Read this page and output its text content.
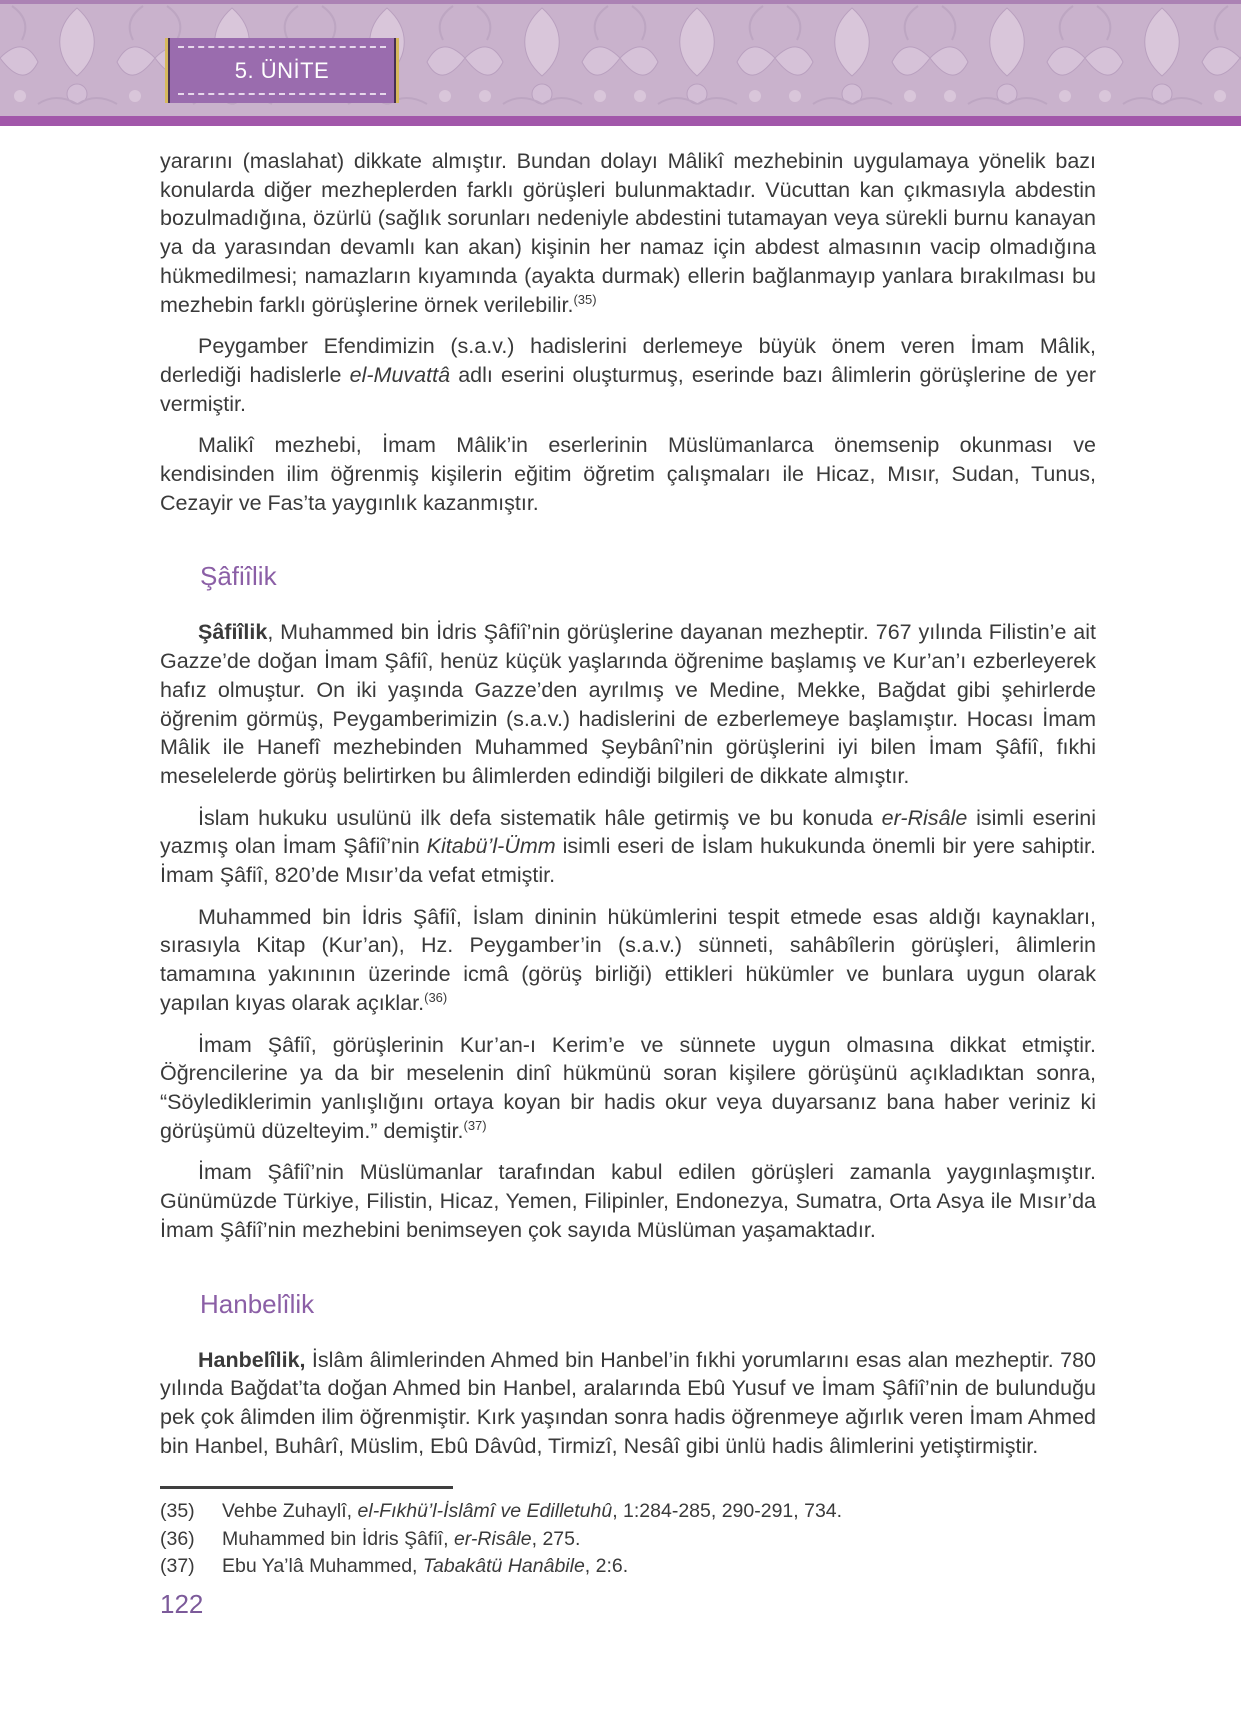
5. ÜNİTE

yararını (maslahat) dikkate almıştır. Bundan dolayı Mâlikî mezhebinin uygulamaya yönelik bazı konularda diğer mezheplerden farklı görüşleri bulunmaktadır. Vücuttan kan çıkmasıyla abdestin bozulmadığına, özürlü (sağlık sorunları nedeniyle abdestini tutamayan veya sürekli burnu kanayan ya da yarasından devamlı kan akan) kişinin her namaz için abdest almasının vacip olmadığına hükmedilmesi; namazların kıyamında (ayakta durmak) ellerin bağlanmayıp yanlara bırakılması bu mezhebin farklı görüşlerine örnek verilebilir.$^{(35)}$

Peygamber Efendimizin (s.a.v.) hadislerini derlemeye büyük önem veren İmam Mâlik, derlediği hadislerle el-Muvattâ adlı eserini oluşturmuş, eserinde bazı âlimlerin görüşlerine de yer vermiştir.

Malikî mezhebi, İmam Mâlik’in eserlerinin Müslümanlarca önemsenip okunması ve kendisinden ilim öğrenmiş kişilerin eğitim öğretim çalışmaları ile Hicaz, Mısır, Sudan, Tunus, Cezayir ve Fas’ta yaygınlık kazanmıştır.

Şâfiîlik

Şâfiîlik, Muhammed bin İdris Şâfiî’nin görüşlerine dayanan mezheptir. 767 yılında Filistin’e ait Gazze’de doğan İmam Şâfiî, henüz küçük yaşlarında öğrenime başlamış ve Kur’an’ı ezberleyerek hafız olmuştur. On iki yaşında Gazze’den ayrılmış ve Medine, Mekke, Bağdat gibi şehirlerde öğrenim görmüş, Peygamberimizin (s.a.v.) hadislerini de ezberlemeye başlamıştır. Hocası İmam Mâlik ile Hanefî mezhebinden Muhammed Şeybânî’nin görüşlerini iyi bilen İmam Şâfiî, fıkhi meselelerde görüş belirtirken bu âlimlerden edindiği bilgileri de dikkate almıştır.

İslam hukuku usulünü ilk defa sistematik hâle getirmiş ve bu konuda er-Risâle isimli eserini yazmış olan İmam Şâfiî’nin Kitabü’l-Ümm isimli eseri de İslam hukukunda önemli bir yere sahiptir. İmam Şâfiî, 820’de Mısır’da vefat etmiştir.

Muhammed bin İdris Şâfiî, İslam dininin hükümlerini tespit etmede esas aldığı kaynakları, sırasıyla Kitap (Kur’an), Hz. Peygamber’in (s.a.v.) sünneti, sahâbîlerin görüşleri, âlimlerin tamamına yakınının üzerinde icmâ (görüş birliği) ettikleri hükümler ve bunlara uygun olarak yapılan kıyas olarak açıklar.$^{(36)}$

İmam Şâfiî, görüşlerinin Kur’an-ı Kerim’e ve sünnete uygun olmasına dikkat etmiştir. Öğrencilerine ya da bir meselenin dinî hükmünü soran kişilere görüşünü açıkladıktan sonra, “Söylediklerimin yanlışlığını ortaya koyan bir hadis okur veya duyarsanız bana haber veriniz ki görüşümü düzelteyim.” demiştir.$^{(37)}$

İmam Şâfiî’nin Müslümanlar tarafından kabul edilen görüşleri zamanla yaygınlaşmıştır. Günümüzde Türkiye, Filistin, Hicaz, Yemen, Filipinler, Endonezya, Sumatra, Orta Asya ile Mısır’da İmam Şâfiî’nin mezhebini benimseyen çok sayıda Müslüman yaşamaktadır.

Hanbelîlik

Hanbelîlik, İslâm âlimlerinden Ahmed bin Hanbel’in fıkhi yorumlarını esas alan mezheptir. 780 yılında Bağdat’ta doğan Ahmed bin Hanbel, aralarında Ebû Yusuf ve İmam Şâfiî’nin de bulunduğu pek çok âlimden ilim öğrenmiştir. Kırk yaşından sonra hadis öğrenmeye ağırlık veren İmam Ahmed bin Hanbel, Buhârî, Müslim, Ebû Dâvûd, Tirmizî, Nesâî gibi ünlü hadis âlimlerini yetiştirmiştir.

(35)	Vehbe Zuhaylî, el-Fıkhü’l-İslâmî ve Edilletuhû, 1:284-285, 290-291, 734.
(36)	Muhammed bin İdris Şâfiî, er-Risâle, 275.
(37)	Ebu Ya’lâ Muhammed, Tabakâtü Hanâbile, 2:6.
122
